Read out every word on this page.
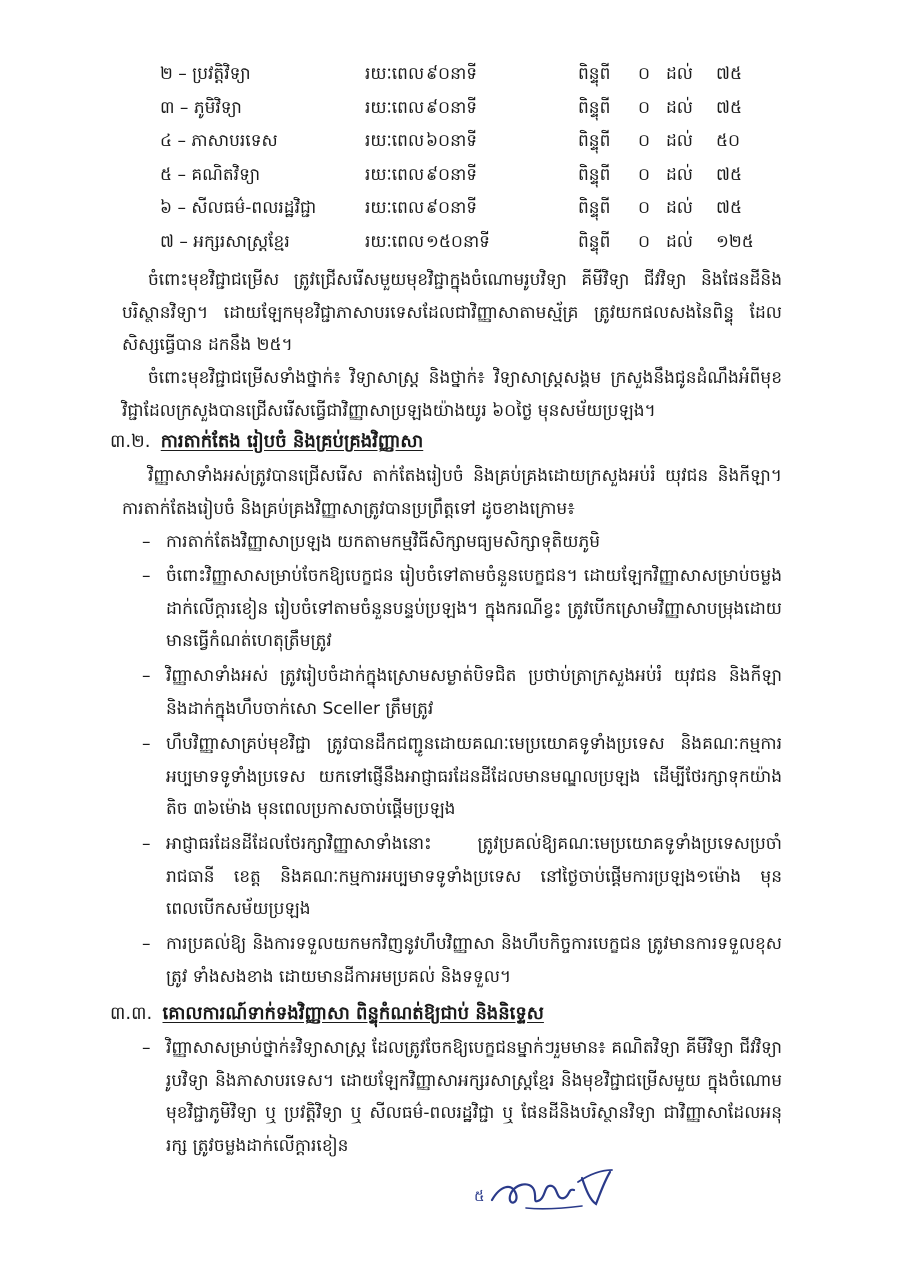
២ – ប្រវត្តិវិទ្យា	រយៈពេល ៩០នាទី	ពិន្ទុពី ០ ដល់ ៧៥
៣ – ភូមិវិទ្យា	រយៈពេល ៩០នាទី	ពិន្ទុពី ០ ដល់ ៧៥
៤ – ភាសាបរទេស	រយៈពេល ៦០នាទី	ពិន្ទុពី ០ ដល់ ៥០
៥ – គណិតវិទ្យា	រយៈពេល ៩០នាទី	ពិន្ទុពី ០ ដល់ ៧៥
៦ – សីលធម៌-ពលរដ្ឋវិជ្ជា	រយៈពេល ៩០នាទី	ពិន្ទុពី ០ ដល់ ៧៥
៧ – អក្សរសាស្ត្រខ្មែរ	រយៈពេល ១៥០នាទី	ពិន្ទុពី ០ ដល់ ១២៥

ចំពោះមុខវិជ្ជាជម្រើស ត្រូវជ្រើសរើសមួយមុខវិជ្ជាក្នុងចំណោមរូបវិទ្យា គីមីវិទ្យា ជីវវិទ្យា និងផែនដីនិងបរិស្ថានវិទ្យា។ ដោយឡែកមុខវិជ្ជាភាសាបរទេសដែលជាវិញ្ញាសាតាមស្ម័គ្រ ត្រូវយកផលសងនៃពិន្ទុ ដែលសិស្សធ្វើបាន ដកនឹង ២៥។

ចំពោះមុខវិជ្ជាជម្រើសទាំងថ្នាក់៖ វិទ្យាសាស្ត្រ និងថ្នាក់៖ វិទ្យាសាស្ត្រសង្គម ក្រសួងនឹងជូនដំណឹងអំពីមុខវិជ្ជាដែលក្រសួងបានជ្រើសរើសធ្វើជាវិញ្ញាសាប្រឡងយ៉ាងយូរ ៦០ថ្ងៃ មុនសម័យប្រឡង។

៣.២. ការតាក់តែង រៀបចំ និងគ្រប់គ្រងវិញ្ញាសា

វិញ្ញាសាទាំងអស់ត្រូវបានជ្រើសរើស តាក់តែងរៀបចំ និងគ្រប់គ្រងដោយក្រសួងអប់រំ យុវជន និងកីឡា។ ការតាក់តែងរៀបចំ និងគ្រប់គ្រងវិញ្ញាសាត្រូវបានប្រព្រឹត្តទៅ ដូចខាងក្រោម៖

– ការតាក់តែងវិញ្ញាសាប្រឡង យកតាមកម្មវិធីសិក្សាមធ្យមសិក្សាទុតិយភូមិ
– ចំពោះវិញ្ញាសាសម្រាប់ចែកឱ្យបេក្ខជន រៀបចំទៅតាមចំនួនបេក្ខជន។ ដោយឡែកវិញ្ញាសាសម្រាប់ចម្លងដាក់លើក្ដារខៀន រៀបចំទៅតាមចំនួនបន្ទប់ប្រឡង។ ក្នុងករណីខ្វះ ត្រូវបើកស្រោមវិញ្ញាសាបម្រុងដោយមានធ្វើកំណត់ហេតុត្រឹមត្រូវ
– វិញ្ញាសាទាំងអស់ ត្រូវរៀបចំដាក់ក្នុងស្រោមសម្ងាត់បិទជិត ប្រថាប់ត្រាក្រសួងអប់រំ យុវជន និងកីឡា និងដាក់ក្នុងហឹបចាក់សោ Sceller ត្រឹមត្រូវ
– ហឹបវិញ្ញាសាគ្រប់មុខវិជ្ជា ត្រូវបានដឹកជញ្ជូនដោយគណៈមេប្រយោគទូទាំងប្រទេស និងគណៈកម្មការអប្បមាទទូទាំងប្រទេស យកទៅផ្ញើនឹងអាជ្ញាធរដែនដីដែលមានមណ្ឌលប្រឡង ដើម្បីថែរក្សាទុកយ៉ាងតិច ៣៦ម៉ោង មុនពេលប្រកាសចាប់ផ្ដើមប្រឡង
– អាជ្ញាធរដែនដីដែលថែរក្សាវិញ្ញាសាទាំងនោះ ត្រូវប្រគល់ឱ្យគណៈមេប្រយោគទូទាំងប្រទេសប្រចាំរាជធានី ខេត្ត និងគណៈកម្មការអប្បមាទទូទាំងប្រទេស នៅថ្ងៃចាប់ផ្ដើមការប្រឡង១ម៉ោង មុនពេលបើកសម័យប្រឡង
– ការប្រគល់ឱ្យ និងការទទួលយកមកវិញនូវហឹបវិញ្ញាសា និងហឹបកិច្ចការបេក្ខជន ត្រូវមានការទទួលខុសត្រូវ ទាំងសងខាង ដោយមានដីកាអមប្រគល់ និងទទួល។
៣.៣. គោលការណ៍ទាក់ទងវិញ្ញាសា ពិន្ទុកំណត់ឱ្យជាប់ និងនិទ្ទេស
– វិញ្ញាសាសម្រាប់ថ្នាក់៖វិទ្យាសាស្ត្រ ដែលត្រូវចែកឱ្យបេក្ខជនម្នាក់ៗរួមមាន៖ គណិតវិទ្យា គីមីវិទ្យា ជីវវិទ្យា រូបវិទ្យា និងភាសាបរទេស។ ដោយឡែកវិញ្ញាសាអក្សរសាស្ត្រខ្មែរ និងមុខវិជ្ជាជម្រើសមួយ ក្នុងចំណោមមុខវិជ្ជាភូមិវិទ្យា ឬ ប្រវត្តិវិទ្យា ឬ សីលធម៌-ពលរដ្ឋវិជ្ជា ឬ ផែនដីនិងបរិស្ថានវិទ្យា ជាវិញ្ញាសាដែលអនុរក្ស ត្រូវចម្លងដាក់លើក្ដារខៀន
៥
